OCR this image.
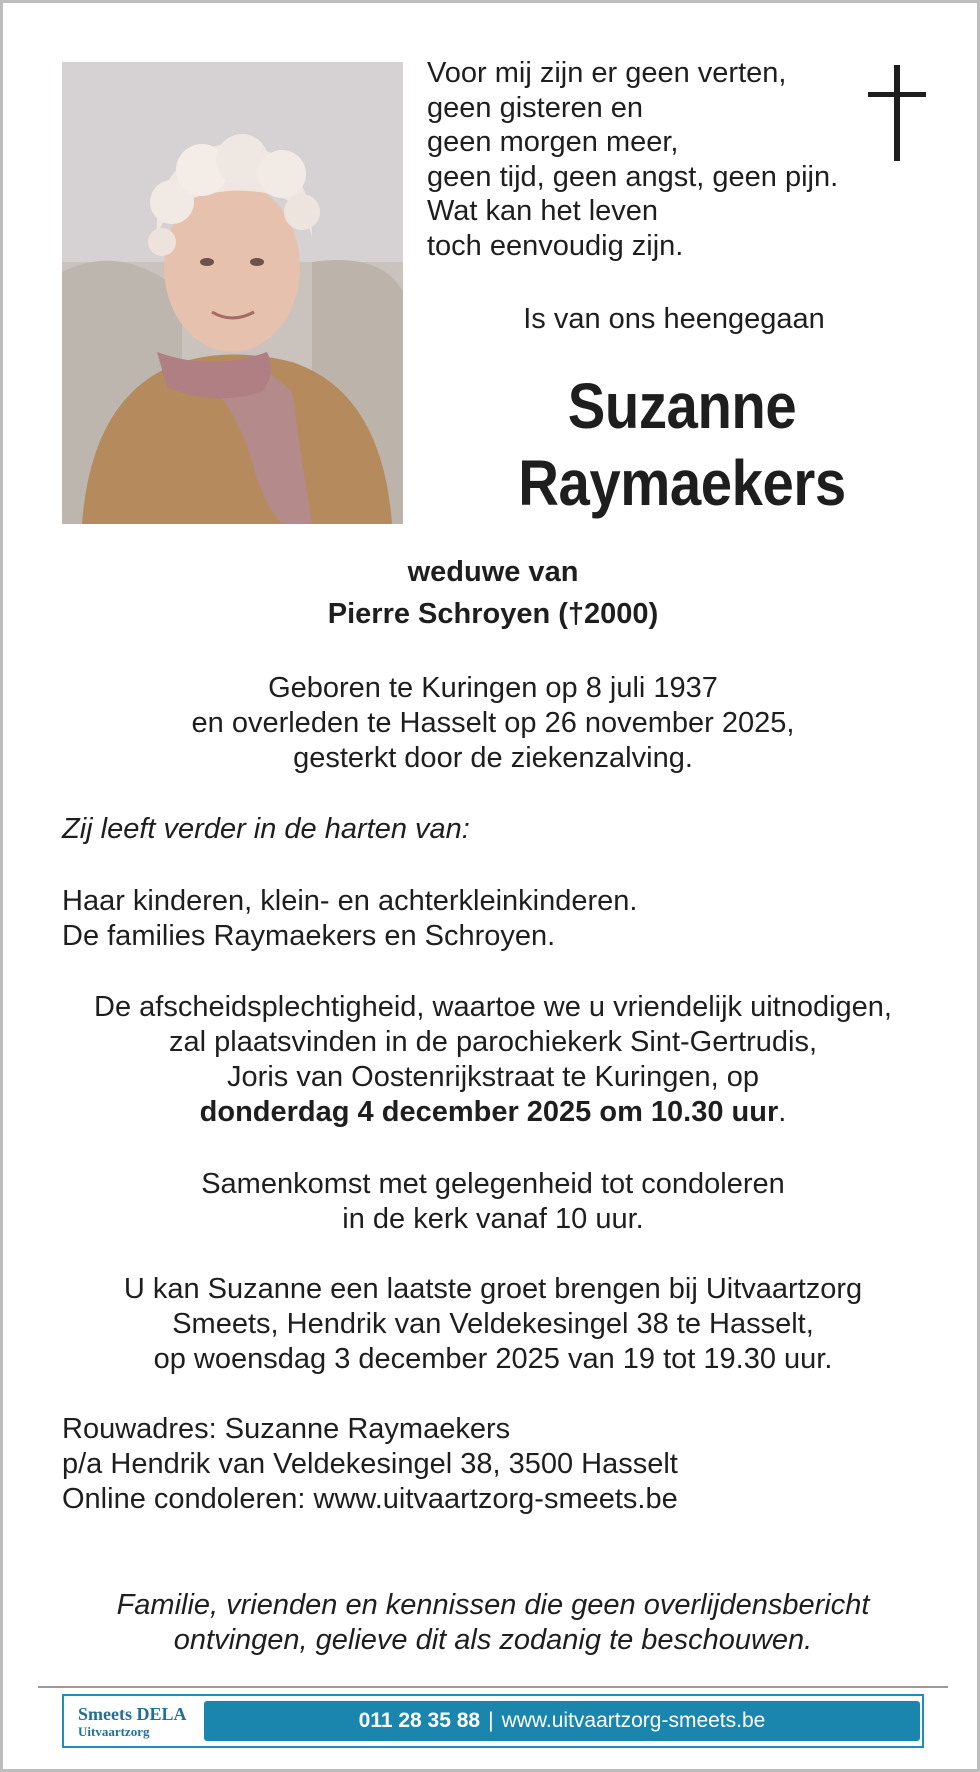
Voor mij zijn er geen verten,
geen gisteren en
geen morgen meer,
geen tijd, geen angst, geen pijn.
Wat kan het leven
toch eenvoudig zijn.
Is van ons heengegaan
Suzanne
Raymaekers
weduwe van
Pierre Schroyen (†2000)
Geboren te Kuringen op 8 juli 1937
en overleden te Hasselt op 26 november 2025,
gesterkt door de ziekenzalving.
Zij leeft verder in de harten van:
Haar kinderen, klein- en achterkleinkinderen.
De families Raymaekers en Schroyen.
De afscheidsplechtigheid, waartoe we u vriendelijk uitnodigen,
zal plaatsvinden in de parochiekerk Sint-Gertrudis,
Joris van Oostenrijkstraat te Kuringen, op
donderdag 4 december 2025 om 10.30 uur.
Samenkomst met gelegenheid tot condoleren
in de kerk vanaf 10 uur.
U kan Suzanne een laatste groet brengen bij Uitvaartzorg
Smeets, Hendrik van Veldekesingel 38 te Hasselt,
op woensdag 3 december 2025 van 19 tot 19.30 uur.
Rouwadres: Suzanne Raymaekers
p/a Hendrik van Veldekesingel 38, 3500 Hasselt
Online condoleren: www.uitvaartzorg-smeets.be
Familie, vrienden en kennissen die geen overlijdensbericht
ontvingen, gelieve dit als zodanig te beschouwen.
Smeets DELA
Uitvaartzorg	011 28 35 88 | www.uitvaartzorg-smeets.be
